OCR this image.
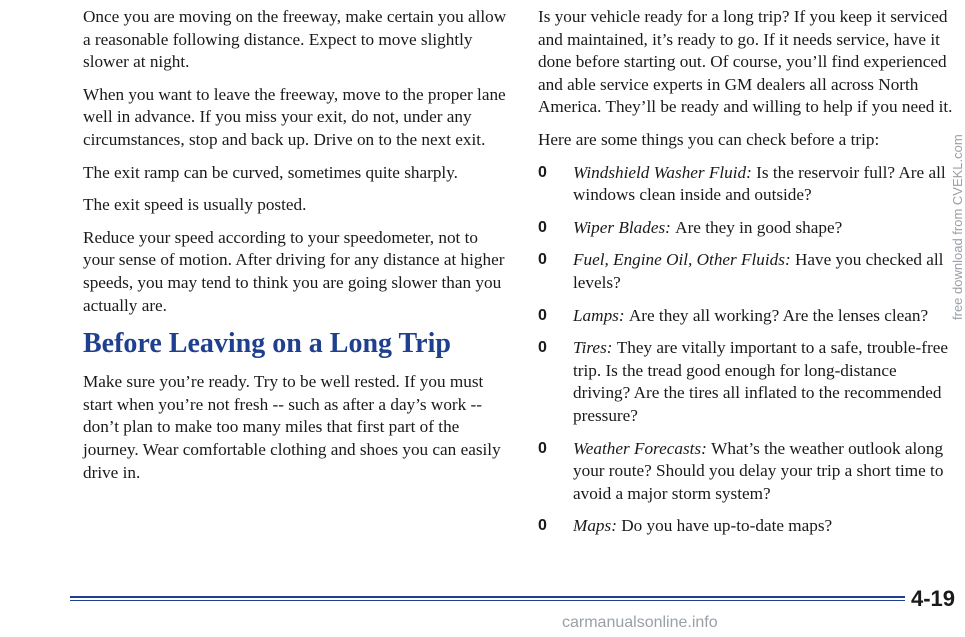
Once you are moving on the freeway, make certain you allow a reasonable following distance. Expect to move slightly slower at night.

When you want to leave the freeway, move to the proper lane well in advance. If you miss your exit, do not, under any circumstances, stop and back up. Drive on to the next exit.

The exit ramp can be curved, sometimes quite sharply.

The exit speed is usually posted.

Reduce your speed according to your speedometer, not to your sense of motion. After driving for any distance at higher speeds, you may tend to think you are going slower than you actually are.

Before Leaving on a Long Trip

Make sure you’re ready. Try to be well rested. If you must start when you’re not fresh -- such as after a day’s work -- don’t plan to make too many miles that first part of the journey. Wear comfortable clothing and shoes you can easily drive in.

Is your vehicle ready for a long trip? If you keep it serviced and maintained, it’s ready to go. If it needs service, have it done before starting out. Of course, you’ll find experienced and able service experts in GM dealers all across North America. They’ll be ready and willing to help if you need it.

Here are some things you can check before a trip:

0 Windshield Washer Fluid: Is the reservoir full? Are all windows clean inside and outside?
0 Wiper Blades: Are they in good shape?
0 Fuel, Engine Oil, Other Fluids: Have you checked all levels?
0 Lamps: Are they all working? Are the lenses clean?
0 Tires: They are vitally important to a safe, trouble-free trip. Is the tread good enough for long-distance driving? Are the tires all inflated to the recommended pressure?
0 Weather Forecasts: What’s the weather outlook along your route? Should you delay your trip a short time to avoid a major storm system?
0 Maps: Do you have up-to-date maps?
free download from CVEKL.com
4-19
carmanualsonline.info
